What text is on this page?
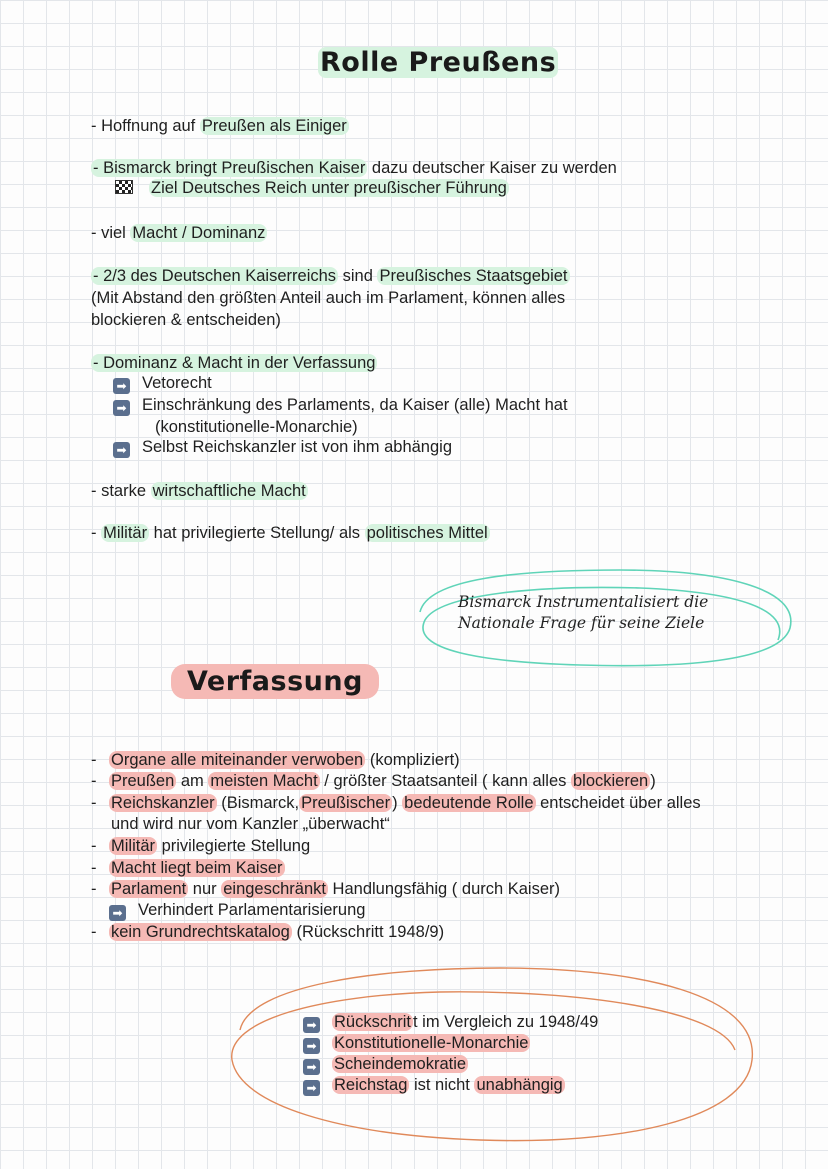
Rolle Preußens
- Hoffnung auf Preußen als Einiger
- Bismarck bringt Preußischen Kaiser dazu deutscher Kaiser zu werden
Ziel Deutsches Reich unter preußischer Führung
- viel Macht / Dominanz
- 2/3 des Deutschen Kaiserreichs sind Preußisches Staatsgebiet
(Mit Abstand den größten Anteil auch im Parlament, können alles
blockieren & entscheiden)
- Dominanz & Macht in der Verfassung
➡ Vetorecht
➡ Einschränkung des Parlaments, da Kaiser (alle) Macht hat
(konstitutionelle-Monarchie)
➡ Selbst Reichskanzler ist von ihm abhängig
- starke wirtschaftliche Macht
- Militär hat privilegierte Stellung/ als politisches Mittel
Bismarck Instrumentalisiert die
Nationale Frage für seine Ziele
Verfassung
- Organe alle miteinander verwoben (kompliziert)
- Preußen am meisten Macht / größter Staatsanteil ( kann alles blockieren )
- Reichskanzler (Bismarck, Preußischer ) bedeutende Rolle entscheidet über alles
und wird nur vom Kanzler „überwacht“
- Militär privilegierte Stellung
- Macht liegt beim Kaiser
- Parlament nur eingeschränkt Handlungsfähig ( durch Kaiser)
➡ Verhindert Parlamentarisierung
- kein Grundrechtskatalog (Rückschritt 1948/9)
➡ Rückschrit t im Vergleich zu 1948/49
➡ Konstitutionelle-Monarchie
➡ Scheindemokratie
➡ Reichstag ist nicht unabhängig
